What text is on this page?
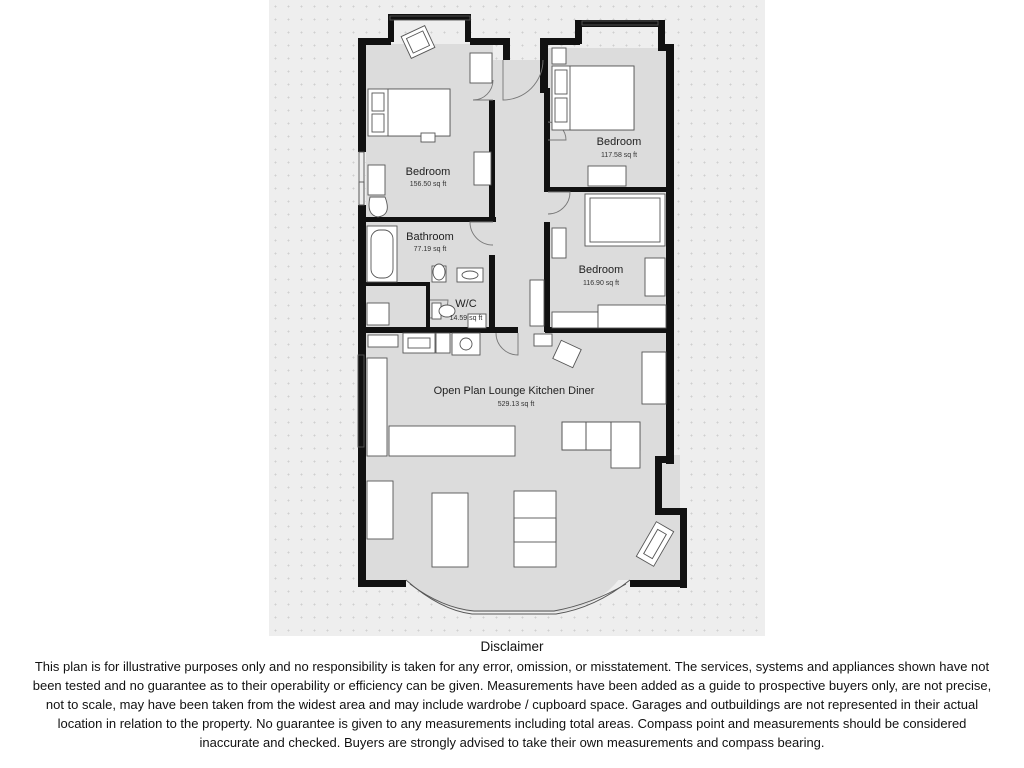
Bedroom
156.50 sq ft
Bedroom
117.58 sq ft
Bathroom
77.19 sq ft
Bedroom
116.90 sq ft
W/C
14.59 sq ft
Open Plan Lounge Kitchen Diner
529.13 sq ft
Disclaimer
This plan is for illustrative purposes only and no responsibility is taken for any error, omission, or misstatement. The services, systems and appliances shown have not been tested and no guarantee as to their operability or efficiency can be given. Measurements have been added as a guide to prospective buyers only, are not precise, not to scale, may have been taken from the widest area and may include wardrobe / cupboard space. Garages and outbuildings are not represented in their actual location in relation to the property. No guarantee is given to any measurements including total areas. Compass point and measurements should be considered inaccurate and checked. Buyers are strongly advised to take their own measurements and compass bearing.
